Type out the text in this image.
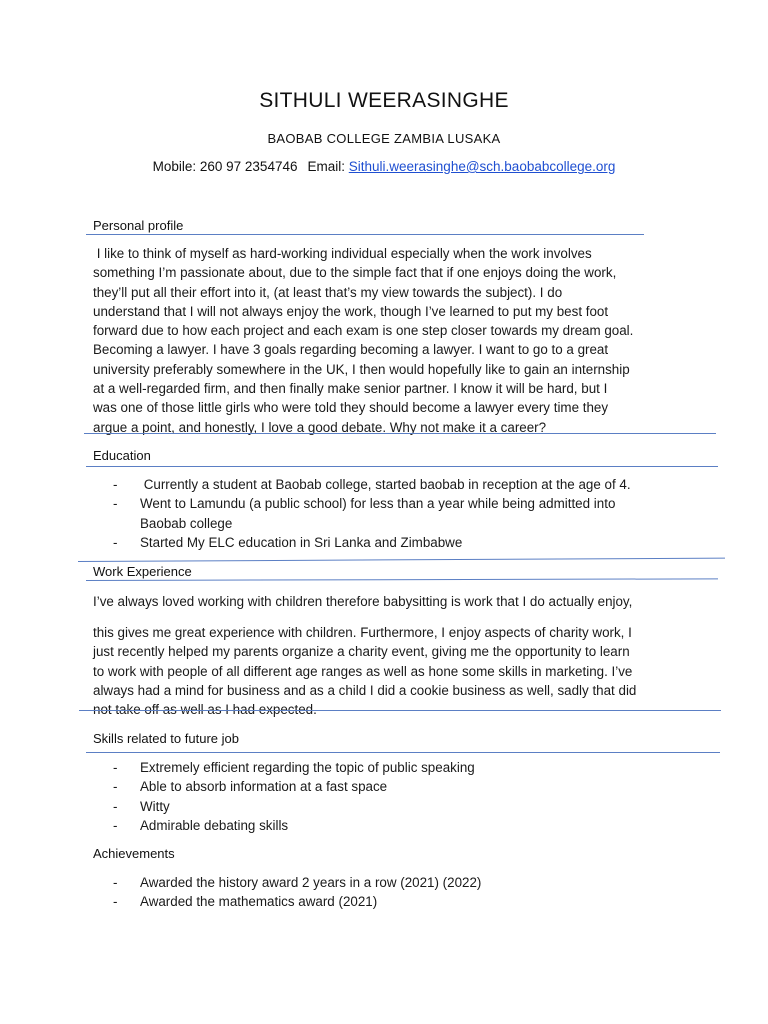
SITHULI WEERASINGHE
BAOBAB COLLEGE ZAMBIA LUSAKA
Mobile: 260 97 2354746 Email: Sithuli.weerasinghe@sch.baobabcollege.org
Personal profile
I like to think of myself as hard-working individual especially when the work involves
something I’m passionate about, due to the simple fact that if one enjoys doing the work,
they’ll put all their effort into it, (at least that’s my view towards the subject). I do
understand that I will not always enjoy the work, though I’ve learned to put my best foot
forward due to how each project and each exam is one step closer towards my dream goal.
Becoming a lawyer. I have 3 goals regarding becoming a lawyer. I want to go to a great
university preferably somewhere in the UK, I then would hopefully like to gain an internship
at a well-regarded firm, and then finally make senior partner. I know it will be hard, but I
was one of those little girls who were told they should become a lawyer every time they
argue a point, and honestly, I love a good debate. Why not make it a career?
Education
- Currently a student at Baobab college, started baobab in reception at the age of 4.
- Went to Lamundu (a public school) for less than a year while being admitted into
Baobab college
- Started My ELC education in Sri Lanka and Zimbabwe
Work Experience
I’ve always loved working with children therefore babysitting is work that I do actually enjoy,
this gives me great experience with children. Furthermore, I enjoy aspects of charity work, I
just recently helped my parents organize a charity event, giving me the opportunity to learn
to work with people of all different age ranges as well as hone some skills in marketing. I’ve
always had a mind for business and as a child I did a cookie business as well, sadly that did
not take off as well as I had expected.
Skills related to future job
- Extremely efficient regarding the topic of public speaking
- Able to absorb information at a fast space
- Witty
- Admirable debating skills
Achievements
- Awarded the history award 2 years in a row (2021) (2022)
- Awarded the mathematics award (2021)
